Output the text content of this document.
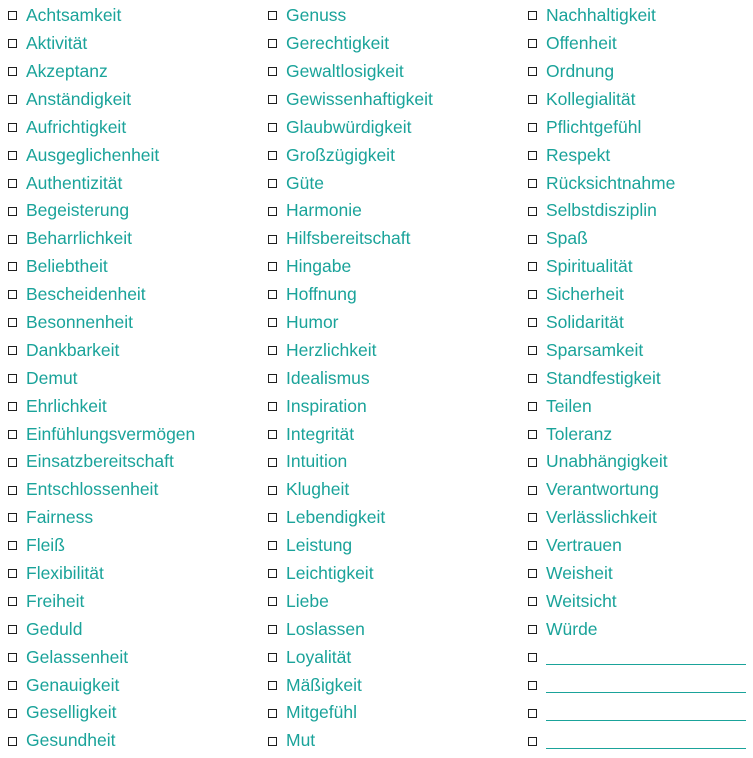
Achtsamkeit
Aktivität
Akzeptanz
Anständigkeit
Aufrichtigkeit
Ausgeglichenheit
Authentizität
Begeisterung
Beharrlichkeit
Beliebtheit
Bescheidenheit
Besonnenheit
Dankbarkeit
Demut
Ehrlichkeit
Einfühlungsvermögen
Einsatzbereitschaft
Entschlossenheit
Fairness
Fleiß
Flexibilität
Freiheit
Geduld
Gelassenheit
Genauigkeit
Geselligkeit
Gesundheit
Genuss
Gerechtigkeit
Gewaltlosigkeit
Gewissenhaftigkeit
Glaubwürdigkeit
Großzügigkeit
Güte
Harmonie
Hilfsbereitschaft
Hingabe
Hoffnung
Humor
Herzlichkeit
Idealismus
Inspiration
Integrität
Intuition
Klugheit
Lebendigkeit
Leistung
Leichtigkeit
Liebe
Loslassen
Loyalität
Mäßigkeit
Mitgefühl
Mut
Nachhaltigkeit
Offenheit
Ordnung
Kollegialität
Pflichtgefühl
Respekt
Rücksichtnahme
Selbstdisziplin
Spaß
Spiritualität
Sicherheit
Solidarität
Sparsamkeit
Standfestigkeit
Teilen
Toleranz
Unabhängigkeit
Verantwortung
Verlässlichkeit
Vertrauen
Weisheit
Weitsicht
Würde
